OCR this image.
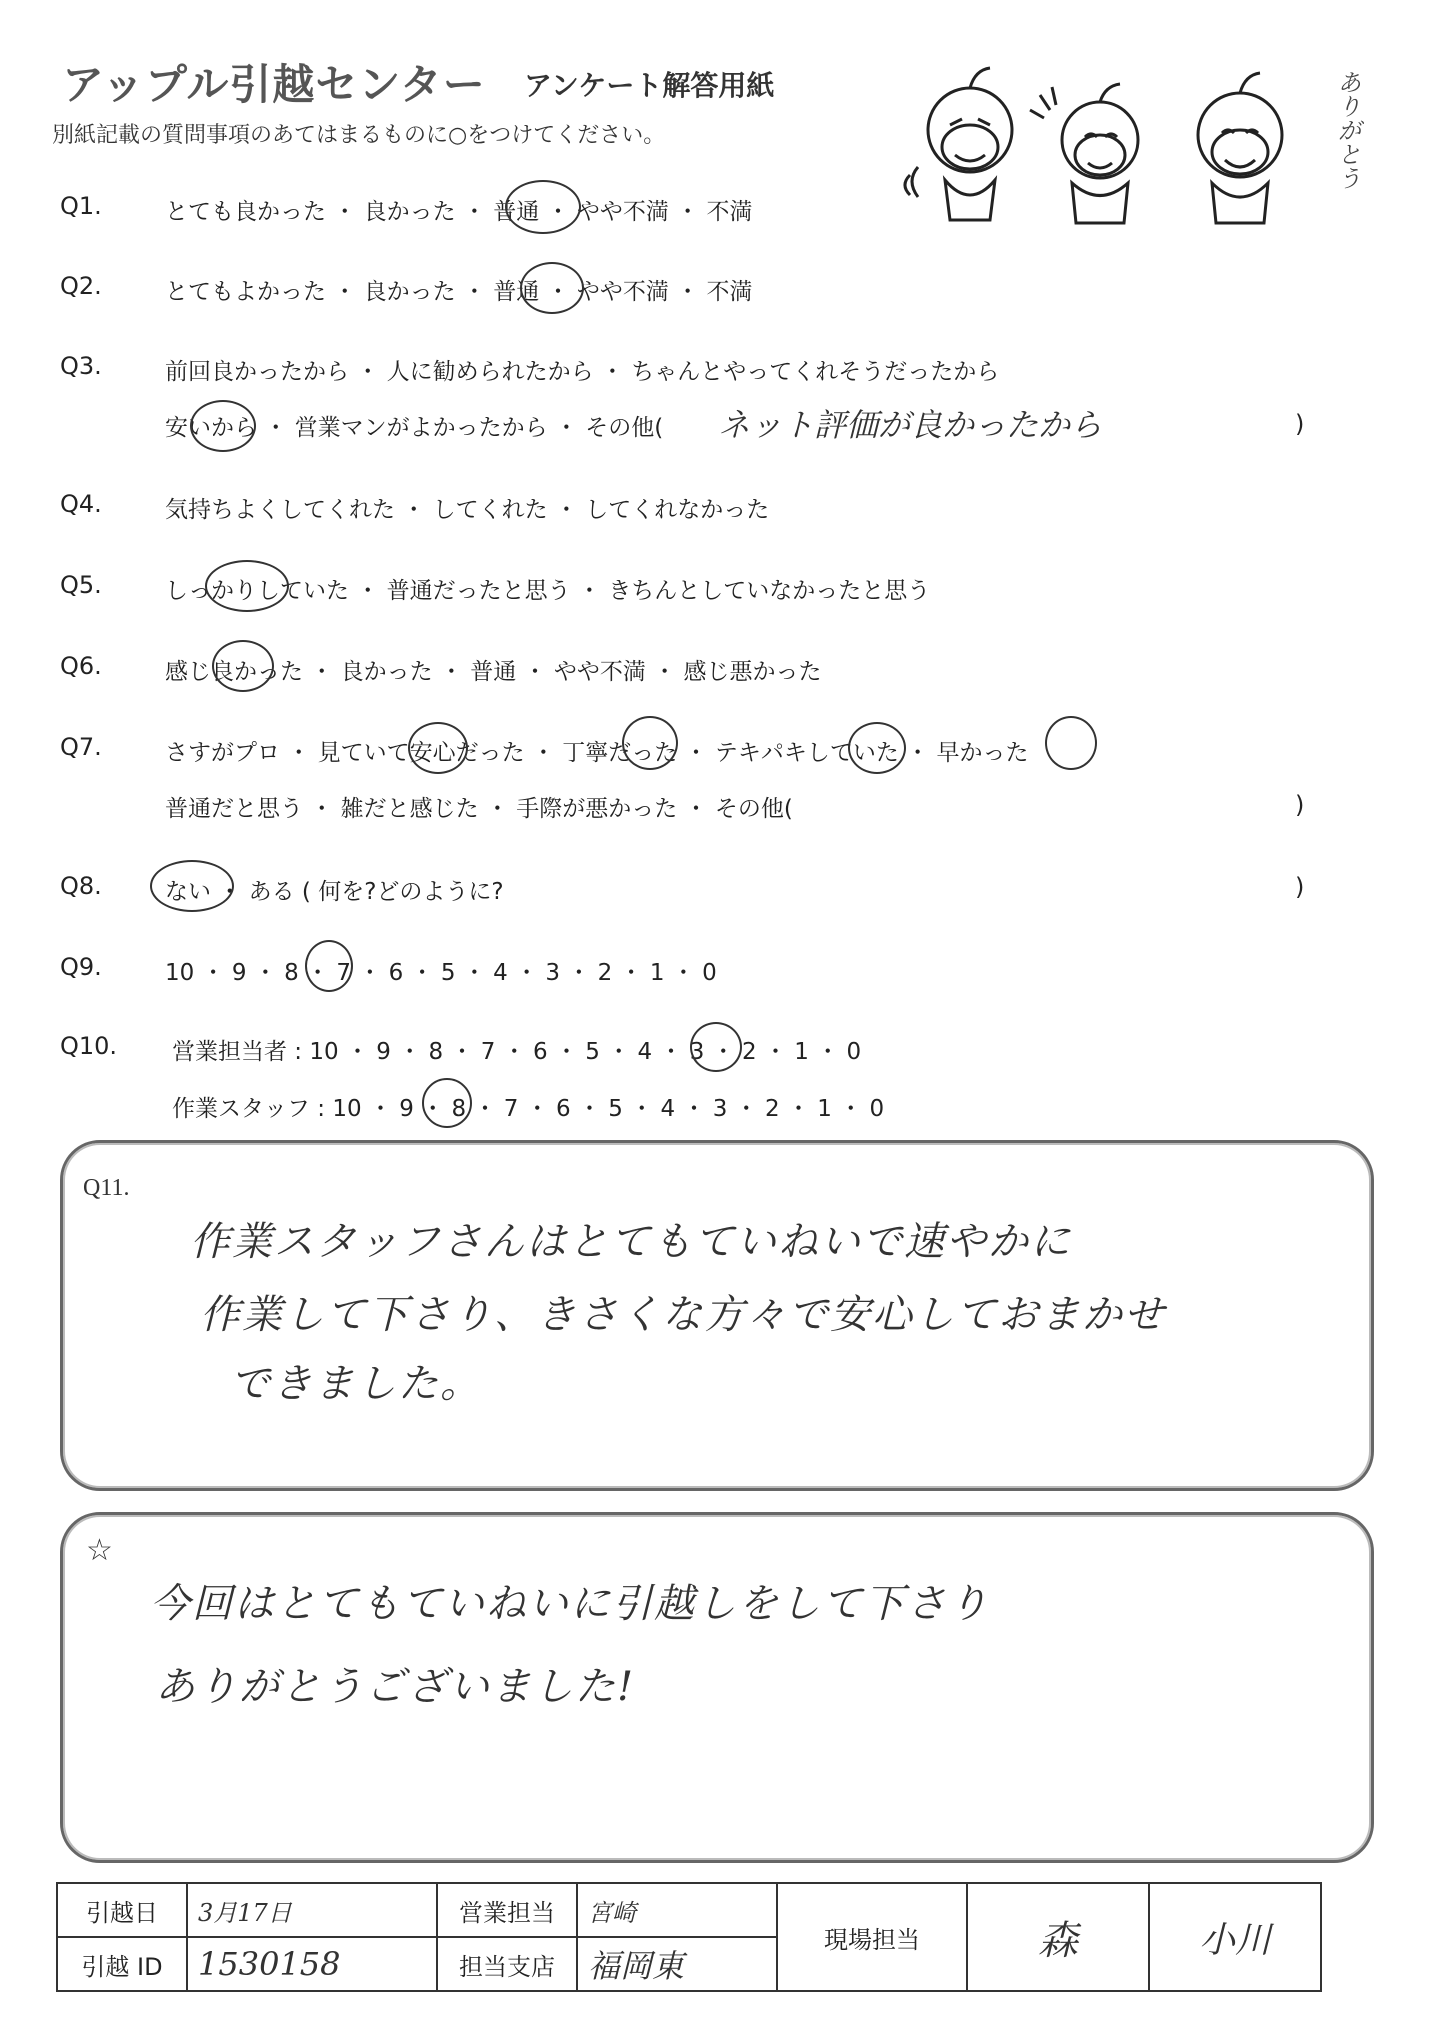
アップル引越センター アンケート解答用紙
別紙記載の質問事項のあてはまるものに○をつけてください。	ありがとう
Q1.	とても良かった ・ 良かった ・ 普通 ・ やや不満 ・ 不満
Q2.	とてもよかった ・ 良かった ・ 普通 ・ やや不満 ・ 不満
Q3.	前回良かったから ・ 人に勧められたから ・ ちゃんとやってくれそうだったから
安いから ・ 営業マンがよかったから ・ その他( ネット評価が良かったから	)
Q4.	気持ちよくしてくれた ・ してくれた ・ してくれなかった
Q5.	しっかりしていた ・ 普通だったと思う ・ きちんとしていなかったと思う
Q6.	感じ良かった ・ 良かった ・ 普通 ・ やや不満 ・ 感じ悪かった
Q7.	さすがプロ ・ 見ていて安心だった ・ 丁寧だった ・ テキパキしていた ・ 早かった
普通だと思う ・ 雑だと感じた ・ 手際が悪かった ・ その他(	)
Q8.	ない ・ ある ( 何を?どのように?	)
Q9.	10 ・ 9 ・ 8 ・ 7 ・ 6 ・ 5 ・ 4 ・ 3 ・ 2 ・ 1 ・ 0
Q10. 営業担当者 : 10 ・ 9 ・ 8 ・ 7 ・ 6 ・ 5 ・ 4 ・ 3 ・ 2 ・ 1 ・ 0
作業スタッフ : 10 ・ 9 ・ 8 ・ 7 ・ 6 ・ 5 ・ 4 ・ 3 ・ 2 ・ 1 ・ 0
Q11.
作業スタッフさんはとてもていねいで速やかに
作業して下さり、きさくな方々で安心しておまかせ
できました。
☆
今回はとてもていねいに引越しをして下さり
ありがとうございました!
引越日	3月17日	営業担当	宮崎	現場担当	森	小川
引越 ID	1530158	担当支店	福岡東			
